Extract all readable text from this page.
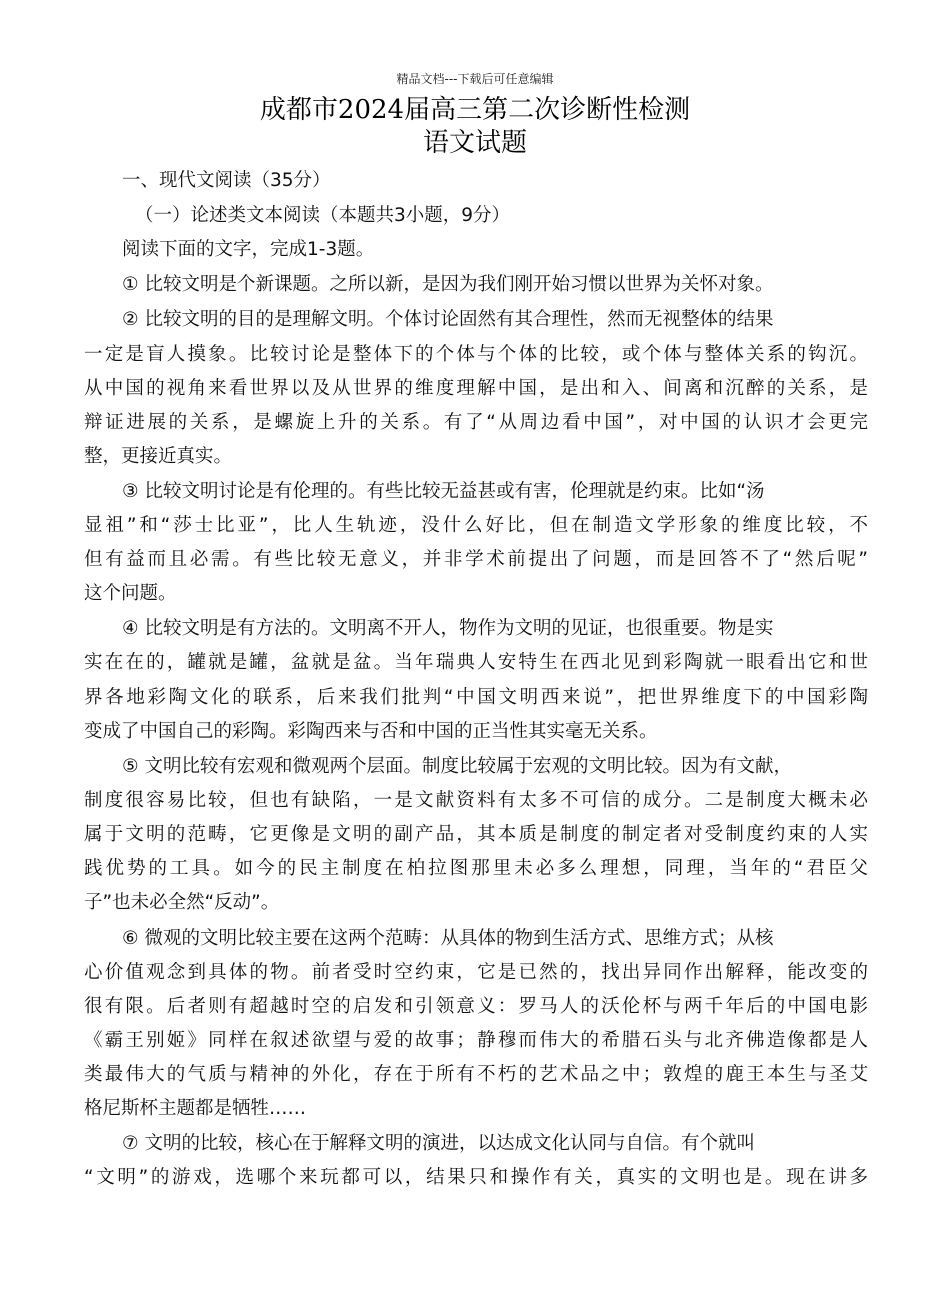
精品文档---下载后可任意编辑
成都市2024届高三第二次诊断性检测
语文试题
一、现代文阅读（35分）
（一）论述类文本阅读（本题共3小题，9分）
阅读下面的文字，完成1-3题。
① 比较文明是个新课题。之所以新，是因为我们刚开始习惯以世界为关怀对象。
② 比较文明的目的是理解文明。个体讨论固然有其合理性，然而无视整体的结果
一定是盲人摸象。比较讨论是整体下的个体与个体的比较，或个体与整体关系的钩沉。
从中国的视角来看世界以及从世界的维度理解中国，是出和入、间离和沉醉的关系，是
辩证进展的关系，是螺旋上升的关系。有了“从周边看中国”，对中国的认识才会更完
整，更接近真实。
③ 比较文明讨论是有伦理的。有些比较无益甚或有害，伦理就是约束。比如“汤
显祖”和“莎士比亚”，比人生轨迹，没什么好比，但在制造文学形象的维度比较，不
但有益而且必需。有些比较无意义，并非学术前提出了问题，而是回答不了“然后呢”
这个问题。
④ 比较文明是有方法的。文明离不开人，物作为文明的见证，也很重要。物是实
实在在的，罐就是罐，盆就是盆。当年瑞典人安特生在西北见到彩陶就一眼看出它和世
界各地彩陶文化的联系，后来我们批判“中国文明西来说”，把世界维度下的中国彩陶
变成了中国自己的彩陶。彩陶西来与否和中国的正当性其实毫无关系。
⑤ 文明比较有宏观和微观两个层面。制度比较属于宏观的文明比较。因为有文献，
制度很容易比较，但也有缺陷，一是文献资料有太多不可信的成分。二是制度大概未必
属于文明的范畴，它更像是文明的副产品，其本质是制度的制定者对受制度约束的人实
践优势的工具。如今的民主制度在柏拉图那里未必多么理想，同理，当年的“君臣父
子”也未必全然“反动”。
⑥ 微观的文明比较主要在这两个范畴：从具体的物到生活方式、思维方式；从核
心价值观念到具体的物。前者受时空约束，它是已然的，找出异同作出解释，能改变的
很有限。后者则有超越时空的启发和引领意义：罗马人的沃伦杯与两千年后的中国电影
《霸王别姬》同样在叙述欲望与爱的故事；静穆而伟大的希腊石头与北齐佛造像都是人
类最伟大的气质与精神的外化，存在于所有不朽的艺术品之中；敦煌的鹿王本生与圣艾
格尼斯杯主题都是牺牲……
⑦ 文明的比较，核心在于解释文明的演进，以达成文化认同与自信。有个就叫
“文明”的游戏，选哪个来玩都可以，结果只和操作有关，真实的文明也是。现在讲多
